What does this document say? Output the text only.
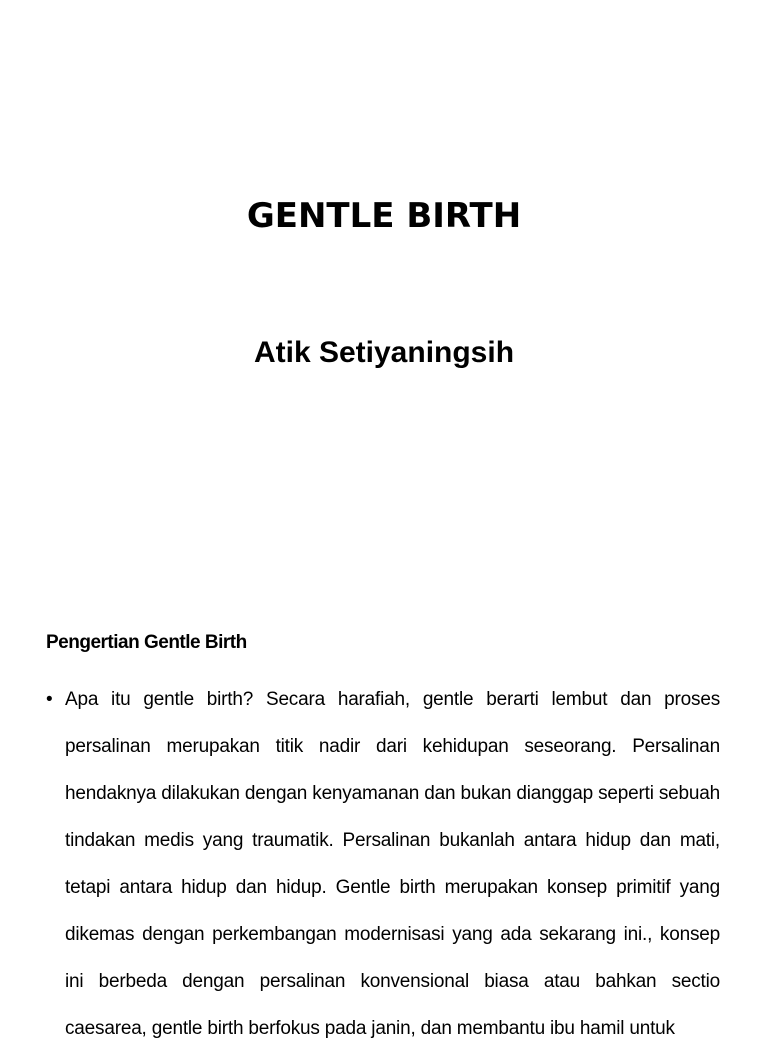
GENTLE BIRTH
Atik Setiyaningsih
Pengertian Gentle Birth
• Apa itu gentle birth? Secara harafiah, gentle berarti lembut dan proses persalinan merupakan titik nadir dari kehidupan seseorang. Persalinan hendaknya dilakukan dengan kenyamanan dan bukan dianggap seperti sebuah tindakan medis yang traumatik. Persalinan bukanlah antara hidup dan mati, tetapi antara hidup dan hidup. Gentle birth merupakan konsep primitif yang dikemas dengan perkembangan modernisasi yang ada sekarang ini., konsep ini berbeda dengan persalinan konvensional biasa atau bahkan sectio caesarea, gentle birth berfokus pada janin, dan membantu ibu hamil untuk
